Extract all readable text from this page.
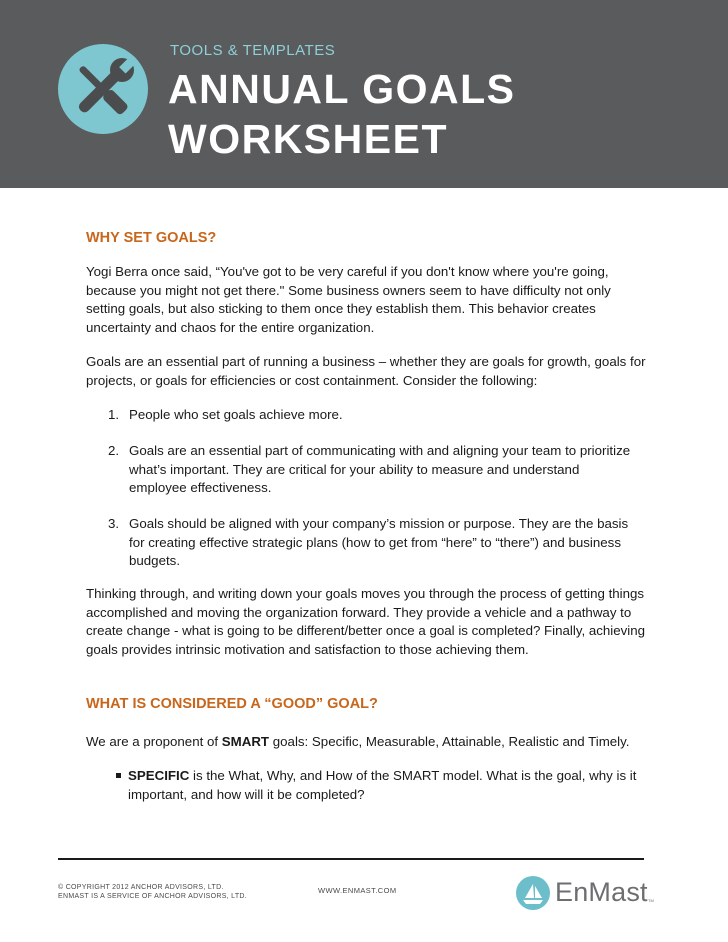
TOOLS & TEMPLATES
ANNUAL GOALS
WORKSHEET
WHY SET GOALS?

Yogi Berra once said, “You've got to be very careful if you don't know where you're going, because you might not get there." Some business owners seem to have difficulty not only setting goals, but also sticking to them once they establish them. This behavior creates uncertainty and chaos for the entire organization.

Goals are an essential part of running a business – whether they are goals for growth, goals for projects, or goals for efficiencies or cost containment. Consider the following:

1. People who set goals achieve more.
2. Goals are an essential part of communicating with and aligning your team to prioritize what’s important. They are critical for your ability to measure and understand employee effectiveness.
3. Goals should be aligned with your company’s mission or purpose. They are the basis for creating effective strategic plans (how to get from “here” to “there”) and business budgets.

Thinking through, and writing down your goals moves you through the process of getting things accomplished and moving the organization forward. They provide a vehicle and a pathway to create change - what is going to be different/better once a goal is completed? Finally, achieving goals provides intrinsic motivation and satisfaction to those achieving them.

WHAT IS CONSIDERED A “GOOD” GOAL?

We are a proponent of SMART goals: Specific, Measurable, Attainable, Realistic and Timely.

SPECIFIC is the What, Why, and How of the SMART model. What is the goal, why is it important, and how will it be completed?
© COPYRIGHT 2012 ANCHOR ADVISORS, LTD.
ENMAST IS A SERVICE OF ANCHOR ADVISORS, LTD.
WWW.ENMAST.COM	EnMast TM
